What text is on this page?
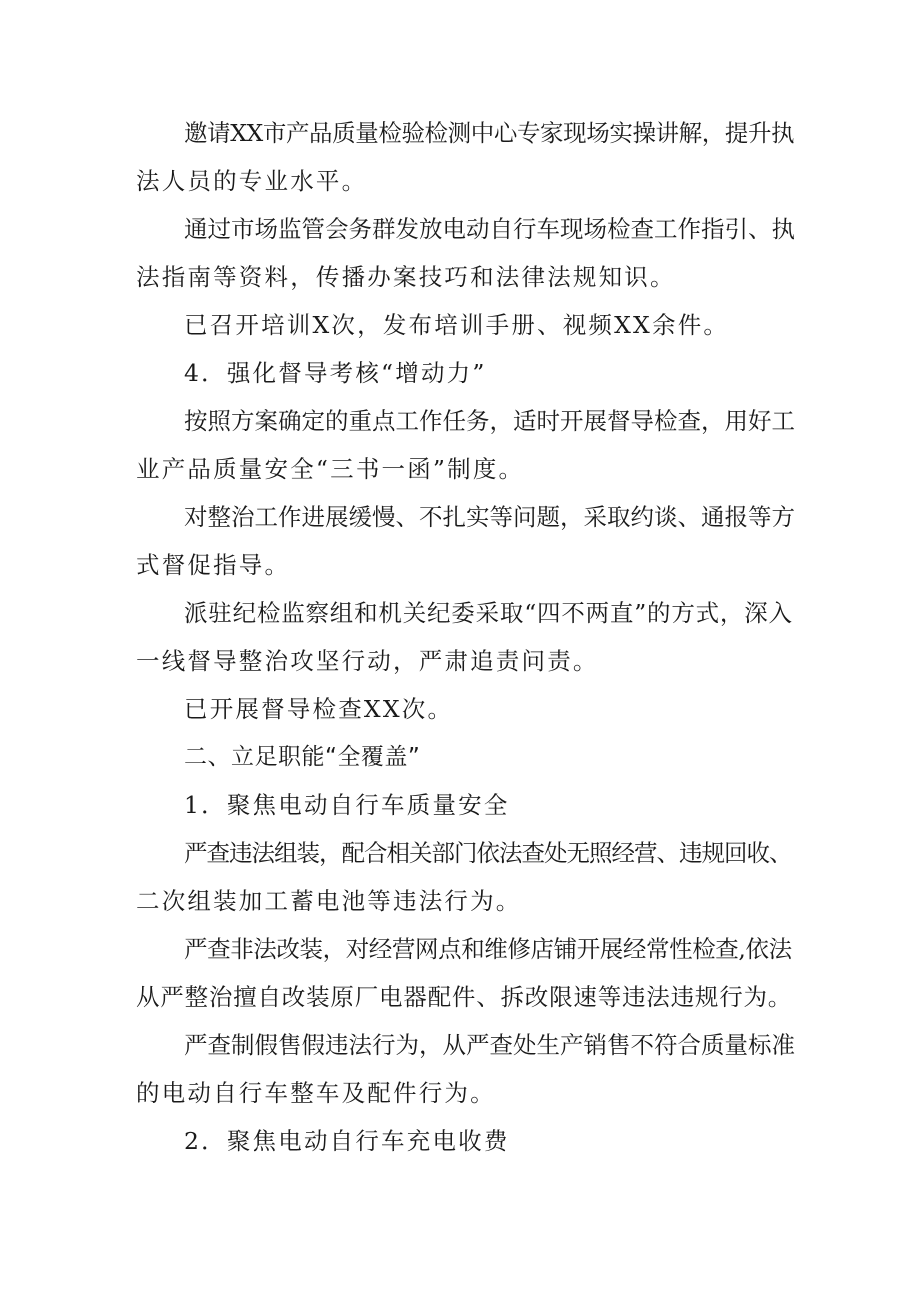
邀请XX市产品质量检验检测中心专家现场实操讲解，提升执
法人员的专业水平。
通过市场监管会务群发放电动自行车现场检查工作指引、执
法指南等资料，传播办案技巧和法律法规知识。
已召开培训X次，发布培训手册、视频XX余件。
4．强化督导考核“增动力”
按照方案确定的重点工作任务，适时开展督导检查，用好工
业产品质量安全“三书一函”制度。
对整治工作进展缓慢、不扎实等问题，采取约谈、通报等方
式督促指导。
派驻纪检监察组和机关纪委采取“四不两直”的方式，深入
一线督导整治攻坚行动，严肃追责问责。
已开展督导检查XX次。
二、立足职能“全覆盖”
1．聚焦电动自行车质量安全
严查违法组装，配合相关部门依法查处无照经营、违规回收、
二次组装加工蓄电池等违法行为。
严查非法改装，对经营网点和维修店铺开展经常性检查,依法
从严整治擅自改装原厂电器配件、拆改限速等违法违规行为。
严查制假售假违法行为，从严查处生产销售不符合质量标准
的电动自行车整车及配件行为。
2．聚焦电动自行车充电收费
